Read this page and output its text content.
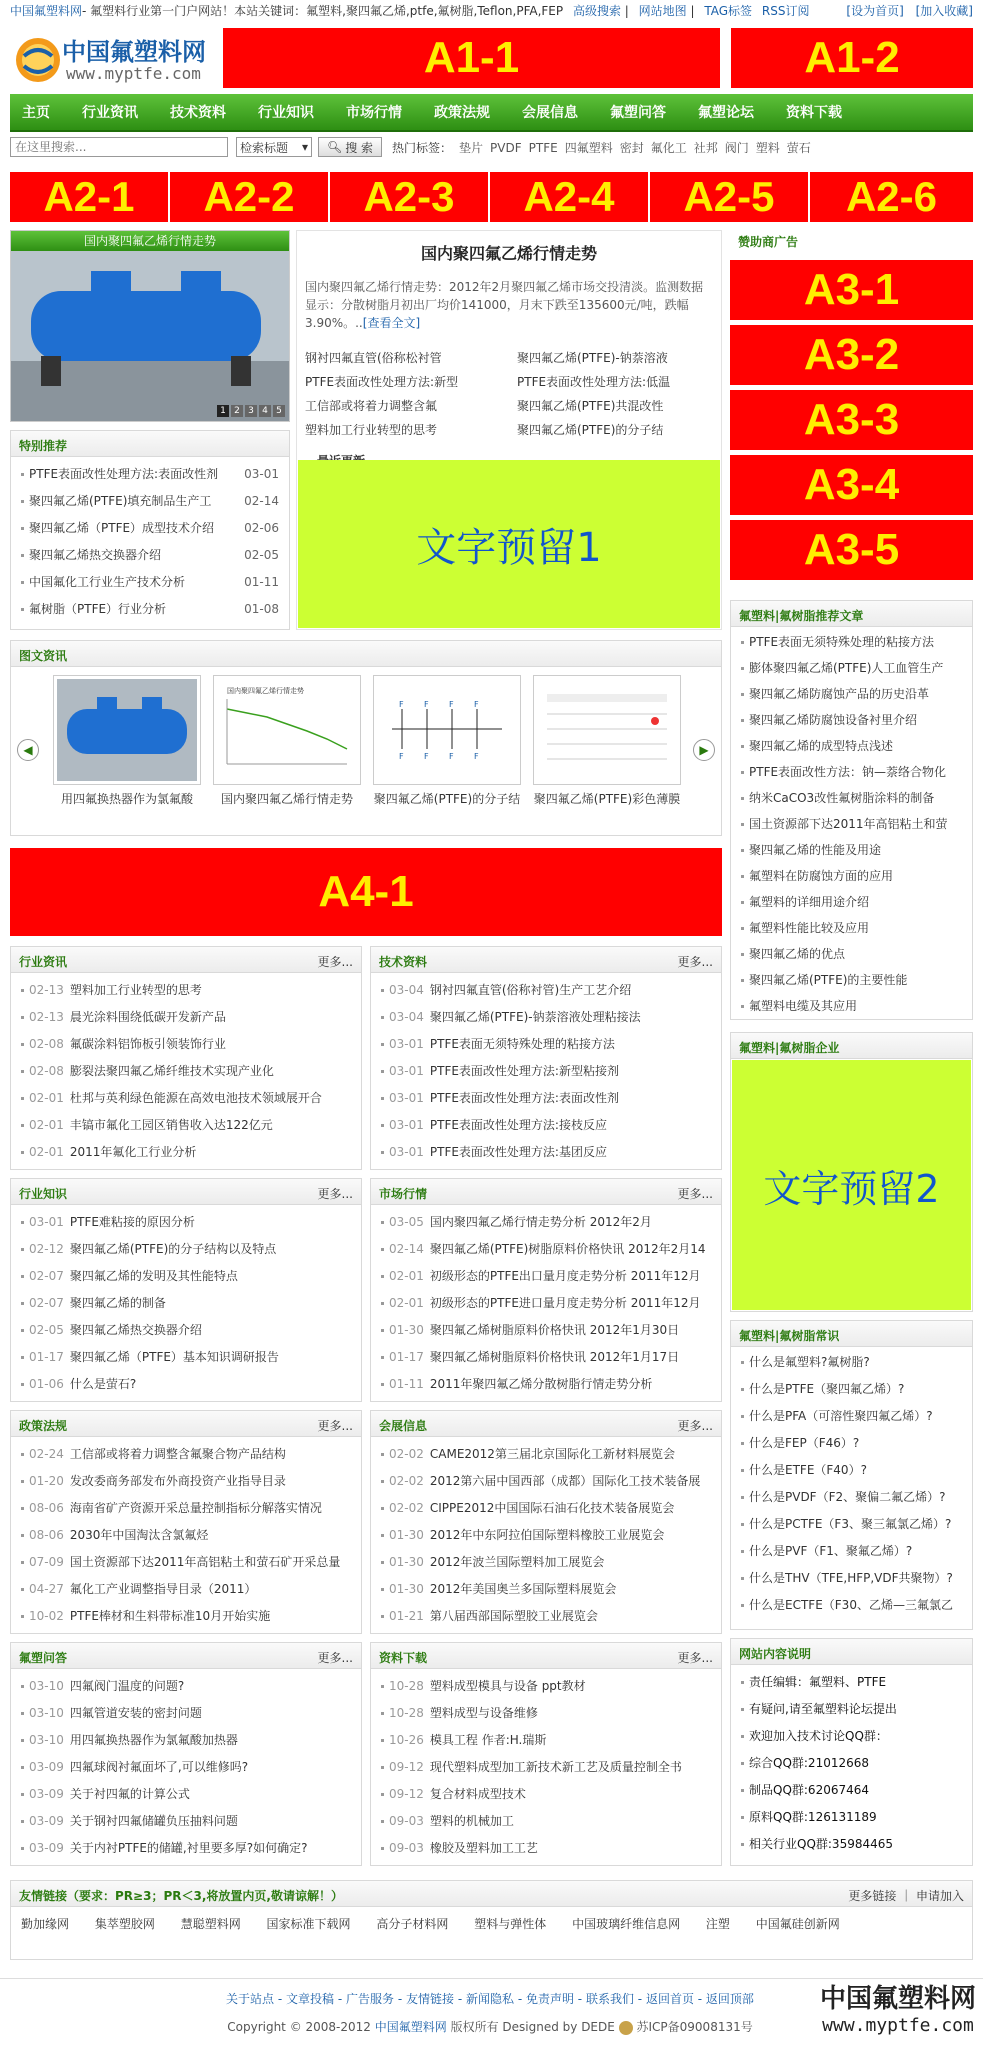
中国氟塑料网- 氟塑料行业第一门户网站！本站关键词：氟塑料,聚四氟乙烯,ptfe,氟树脂,Teflon,PFA,FEP 高级搜索 | 网站地图 | TAG标签 RSS订阅	[设为首页] [加入收藏]
中国氟塑料网
www.myptfe.com	A1-1	A1-2
主页 行业资讯 技术资料 行业知识 市场行情 政策法规 会展信息 氟塑问答 氟塑论坛 资料下载
在这里搜索...
检索标题 ▾ 🔍︎ 搜 索 热门标签： 垫片 PVDF PTFE 四氟塑料 密封 氟化工 社邦 阀门 塑料 萤石
A2-1	A2-2	A2-3	A2-4	A2-5	A2-6
国内聚四氟乙烯行情走势
1 2 3 4 5
特别推荐
PTFE表面改性处理方法:表面改性剂 03-01
聚四氟乙烯(PTFE)填充制品生产工	02-14
聚四氟乙烯（PTFE）成型技术介绍	02-06
聚四氟乙烯热交换器介绍	02-05
中国氟化工行业生产技术分析	01-11
氟树脂（PTFE）行业分析	01-08
国内聚四氟乙烯行情走势
国内聚四氟乙烯行情走势：2012年2月聚四氟乙烯市场交投清淡。监测数据显示：分散树脂月初出厂均价141000，月末下跌至135600元/吨，跌幅3.90%。..[查看全文]
钢衬四氟直管(俗称松衬管	聚四氟乙烯(PTFE)-钠萘溶液
PTFE表面改性处理方法:新型	PTFE表面改性处理方法:低温
工信部或将着力调整含氟	聚四氟乙烯(PTFE)共混改性
塑料加工行业转型的思考	聚四氟乙烯(PTFE)的分子结
文字预留1
赞助商广告
A3-1
A3-2
A3-3
A3-4
A3-5
氟塑料|氟树脂推荐文章
PTFE表面无须特殊处理的粘接方法
膨体聚四氟乙烯(PTFE)人工血管生产
聚四氟乙烯防腐蚀产品的历史沿革
聚四氟乙烯防腐蚀设备衬里介绍
聚四氟乙烯的成型特点浅述
PTFE表面改性方法：钠—萘络合物化
纳米CaCO3改性氟树脂涂料的制备
国土资源部下达2011年高铝粘土和萤
聚四氟乙烯的性能及用途
氟塑料在防腐蚀方面的应用
氟塑料的详细用途介绍
氟塑料性能比较及应用
聚四氟乙烯的优点
聚四氟乙烯(PTFE)的主要性能
氟塑料电缆及其应用
氟塑料|氟树脂企业
文字预留2
图文资讯
◀	▶
用四氟换热器作为氯氟酸
国内聚四氟乙烯行情走势
国内聚四氟乙烯行情走势
F	F	F	F
F	F	F	F
聚四氟乙烯(PTFE)的分子结 聚四氟乙烯(PTFE)彩色薄膜
A4-1
行业资讯	更多...
02-13 塑料加工行业转型的思考
02-13 晨光涂料围绕低碳开发新产品
02-08 氟碳涂料铝饰板引领装饰行业
02-08 膨裂法聚四氟乙烯纤维技术实现产业化
02-01 杜邦与英利绿色能源在高效电池技术领域展开合
02-01 丰镐市氟化工园区销售收入达122亿元
02-01 2011年氟化工行业分析
技术资料	更多...
03-04 钢衬四氟直管(俗称衬管)生产工艺介绍
03-04 聚四氟乙烯(PTFE)-钠萘溶液处理粘接法
03-01 PTFE表面无须特殊处理的粘接方法
03-01 PTFE表面改性处理方法:新型粘接剂
03-01 PTFE表面改性处理方法:表面改性剂
03-01 PTFE表面改性处理方法:接枝反应
03-01 PTFE表面改性处理方法:基团反应
行业知识	更多...
03-01 PTFE难粘接的原因分析
02-12 聚四氟乙烯(PTFE)的分子结构以及特点
02-07 聚四氟乙烯的发明及其性能特点
02-07 聚四氟乙烯的制备
02-05 聚四氟乙烯热交换器介绍
01-17 聚四氟乙烯（PTFE）基本知识调研报告
01-06 什么是萤石?
市场行情	更多...
03-05 国内聚四氟乙烯行情走势分析 2012年2月
02-14 聚四氟乙烯(PTFE)树脂原料价格快讯 2012年2月14
02-01 初级形态的PTFE出口量月度走势分析 2011年12月
02-01 初级形态的PTFE进口量月度走势分析 2011年12月
01-30 聚四氟乙烯树脂原料价格快讯 2012年1月30日
01-17 聚四氟乙烯树脂原料价格快讯 2012年1月17日
01-11 2011年聚四氟乙烯分散树脂行情走势分析
政策法规	更多...
02-24 工信部或将着力调整含氟聚合物产品结构
01-20 发改委商务部发布外商投资产业指导目录
08-06 海南省矿产资源开采总量控制指标分解落实情况
08-06 2030年中国淘汰含氯氟烃
07-09 国土资源部下达2011年高铝粘土和萤石矿开采总量
04-27 氟化工产业调整指导目录（2011）
10-02 PTFE棒材和生料带标准10月开始实施
会展信息	更多...
02-02 CAME2012第三届北京国际化工新材料展览会
02-02 2012第六届中国西部（成都）国际化工技术装备展
02-02 CIPPE2012中国国际石油石化技术装备展览会
01-30 2012年中东阿拉伯国际塑料橡胶工业展览会
01-30 2012年波兰国际塑料加工展览会
01-30 2012年美国奥兰多国际塑料展览会
01-21 第八届西部国际塑胶工业展览会
氟塑问答	更多...
03-10 四氟阀门温度的问题?
03-10 四氟管道安装的密封问题
03-10 用四氟换热器作为氯氟酸加热器
03-09 四氟球阀衬氟面坏了,可以维修吗?
03-09 关于衬四氟的计算公式
03-09 关于钢衬四氟储罐负压抽料问题
03-09 关于内衬PTFE的储罐,衬里要多厚?如何确定?
资料下载	更多...
10-28 塑料成型模具与设备 ppt教材
10-28 塑料成型与设备维修
10-26 模具工程 作者:H.瑞斯
09-12 现代塑料成型加工新技术新工艺及质量控制全书
09-12 复合材料成型技术
09-03 塑料的机械加工
09-03 橡胶及塑料加工工艺
氟塑料|氟树脂常识
什么是氟塑料?氟树脂?
什么是PTFE（聚四氟乙烯）?
什么是PFA（可溶性聚四氟乙烯）?
什么是FEP（F46）?
什么是ETFE（F40）?
什么是PVDF（F2、聚偏二氟乙烯）?
什么是PCTFE（F3、聚三氟氯乙烯）?
什么是PVF（F1、聚氟乙烯）?
什么是THV（TFE,HFP,VDF共聚物）?
什么是ECTFE（F30、乙烯—三氟氯乙
网站内容说明
责任编辑：氟塑料、PTFE
有疑问,请至氟塑料论坛提出
欢迎加入技术讨论QQ群：
综合QQ群:21012668
制品QQ群:62067464
原料QQ群:126131189
相关行业QQ群:35984465
友情链接（要求：PR≥3；PR＜3,将放置内页,敬请谅解！）	更多链接 ｜ 申请加入
勤加缘网 集萃塑胶网 慧聪塑料网 国家标准下载网 高分子材料网 塑料与弹性体 中国玻璃纤维信息网 注塑 中国氟硅创新网
关于站点 - 文章投稿 - 广告服务 - 友情链接 - 新闻隐私 - 免责声明 - 联系我们 - 返回首页 - 返回顶部
Copyright © 2008-2012 中国氟塑料网 版权所有 Designed by DEDE 苏ICP备09008131号
中国氟塑料网
www.myptfe.com
